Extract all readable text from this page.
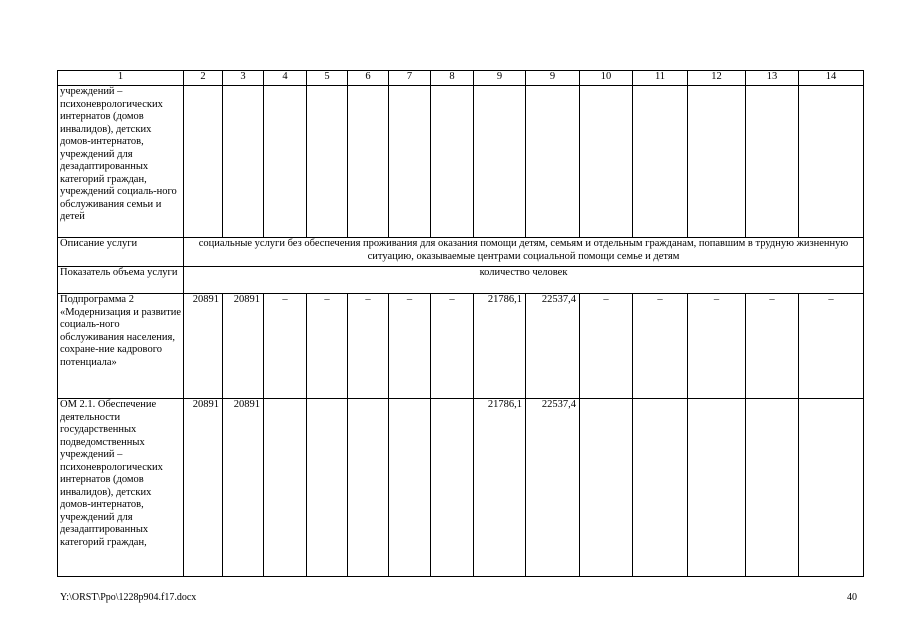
1	2	3	4	5	6	7	8	9	9	10	11	12	13	14
учреждений – психоневрологических интернатов (домов инвалидов), детских домов-интернатов, учреждений для дезадаптированных категорий граждан, учреждений социаль-ного обслуживания семьи и детей														
Описание услуги	социальные услуги без обеспечения проживания для оказания помощи детям, семьям и отдельным гражданам, попавшим в трудную жизненную ситуацию, оказываемые центрами социальной помощи семье и детям													
Показатель объема услуги	количество человек													
Подпрограмма 2 «Модернизация и развитие социаль-ного обслуживания населения, сохране-ние кадрового потенциала»	20891	20891	–	–	–	–	–	21786,1	22537,4	–	–	–	–	–
ОМ 2.1. Обеспечение деятельности государственных подведомственных учреждений – психоневрологических интернатов (домов инвалидов), детских домов-интернатов, учреждений для дезадаптированных категорий граждан,	20891	20891						21786,1	22537,4					
Y:\ORST\Ppo\1228p904.f17.docx	40
